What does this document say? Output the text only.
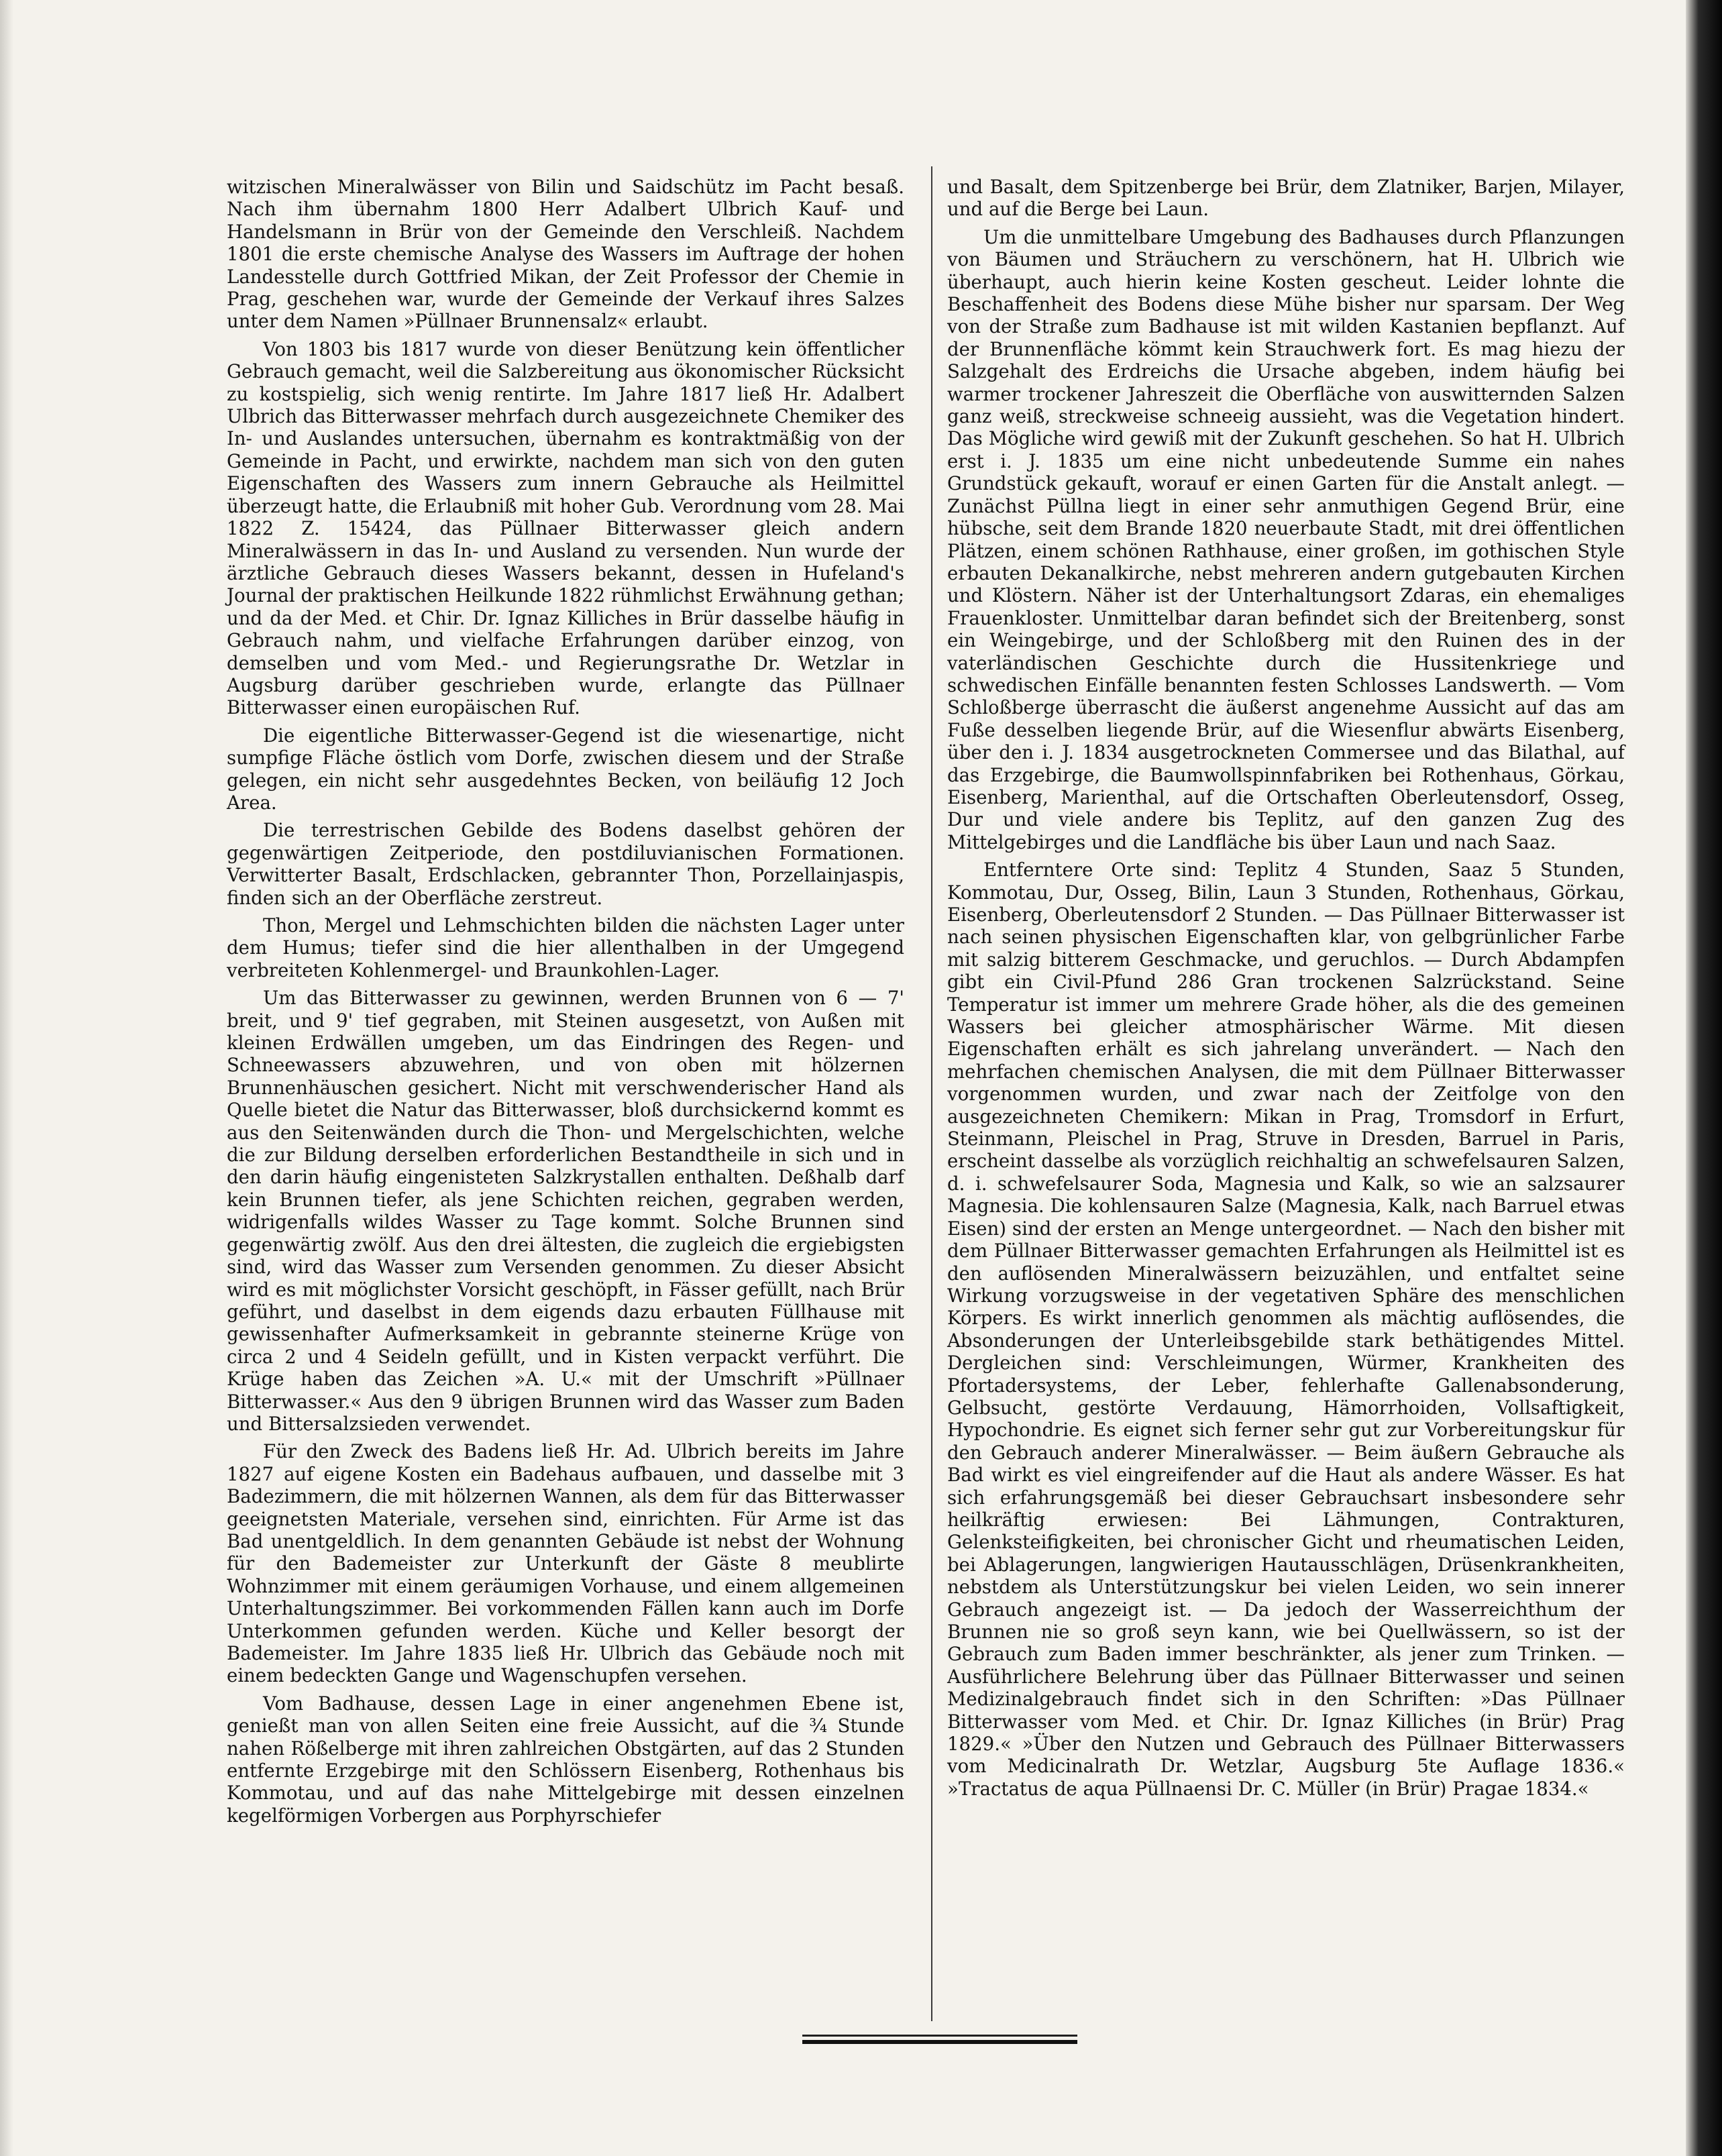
witzischen Mineralwässer von Bilin und Saidschütz im Pacht besaß. Nach ihm übernahm 1800 Herr Adalbert Ulbrich Kauf- und Handelsmann in Brür von der Gemeinde den Verschleiß. Nachdem 1801 die erste chemische Analyse des Wassers im Auftrage der hohen Landesstelle durch Gottfried Mikan, der Zeit Professor der Chemie in Prag, geschehen war, wurde der Gemeinde der Verkauf ihres Salzes unter dem Namen »Püllnaer Brunnensalz« erlaubt.

Von 1803 bis 1817 wurde von dieser Benützung kein öffentlicher Gebrauch gemacht, weil die Salzbereitung aus ökonomischer Rücksicht zu kostspielig, sich wenig rentirte. Im Jahre 1817 ließ Hr. Adalbert Ulbrich das Bitterwasser mehrfach durch ausgezeichnete Chemiker des In- und Auslandes untersuchen, übernahm es kontraktmäßig von der Gemeinde in Pacht, und erwirkte, nachdem man sich von den guten Eigenschaften des Wassers zum innern Gebrauche als Heilmittel überzeugt hatte, die Erlaubniß mit hoher Gub. Verordnung vom 28. Mai 1822 Z. 15424, das Püllnaer Bitterwasser gleich andern Mineralwässern in das In- und Ausland zu versenden. Nun wurde der ärztliche Gebrauch dieses Wassers bekannt, dessen in Hufeland's Journal der praktischen Heilkunde 1822 rühmlichst Erwähnung gethan; und da der Med. et Chir. Dr. Ignaz Killiches in Brür dasselbe häufig in Gebrauch nahm, und vielfache Erfahrungen darüber einzog, von demselben und vom Med.- und Regierungsrathe Dr. Wetzlar in Augsburg darüber geschrieben wurde, erlangte das Püllnaer Bitterwasser einen europäischen Ruf.

Die eigentliche Bitterwasser-Gegend ist die wiesenartige, nicht sumpfige Fläche östlich vom Dorfe, zwischen diesem und der Straße gelegen, ein nicht sehr ausgedehntes Becken, von beiläufig 12 Joch Area.

Die terrestrischen Gebilde des Bodens daselbst gehören der gegenwärtigen Zeitperiode, den postdiluvianischen Formationen. Verwitterter Basalt, Erdschlacken, gebrannter Thon, Porzellainjaspis, finden sich an der Oberfläche zerstreut.

Thon, Mergel und Lehmschichten bilden die nächsten Lager unter dem Humus; tiefer sind die hier allenthalben in der Umgegend verbreiteten Kohlenmergel- und Braunkohlen-Lager.

Um das Bitterwasser zu gewinnen, werden Brunnen von 6 — 7' breit, und 9' tief gegraben, mit Steinen ausgesetzt, von Außen mit kleinen Erdwällen umgeben, um das Eindringen des Regen- und Schneewassers abzuwehren, und von oben mit hölzernen Brunnenhäuschen gesichert. Nicht mit verschwenderischer Hand als Quelle bietet die Natur das Bitterwasser, bloß durchsickernd kommt es aus den Seitenwänden durch die Thon- und Mergelschichten, welche die zur Bildung derselben erforderlichen Bestandtheile in sich und in den darin häufig eingenisteten Salzkrystallen enthalten. Deßhalb darf kein Brunnen tiefer, als jene Schichten reichen, gegraben werden, widrigenfalls wildes Wasser zu Tage kommt. Solche Brunnen sind gegenwärtig zwölf. Aus den drei ältesten, die zugleich die ergiebigsten sind, wird das Wasser zum Versenden genommen. Zu dieser Absicht wird es mit möglichster Vorsicht geschöpft, in Fässer gefüllt, nach Brür geführt, und daselbst in dem eigends dazu erbauten Füllhause mit gewissenhafter Aufmerksamkeit in gebrannte steinerne Krüge von circa 2 und 4 Seideln gefüllt, und in Kisten verpackt verführt. Die Krüge haben das Zeichen »A. U.« mit der Umschrift »Püllnaer Bitterwasser.« Aus den 9 übrigen Brunnen wird das Wasser zum Baden und Bittersalzsieden verwendet.

Für den Zweck des Badens ließ Hr. Ad. Ulbrich bereits im Jahre 1827 auf eigene Kosten ein Badehaus aufbauen, und dasselbe mit 3 Badezimmern, die mit hölzernen Wannen, als dem für das Bitterwasser geeignetsten Materiale, versehen sind, einrichten. Für Arme ist das Bad unentgeldlich. In dem genannten Gebäude ist nebst der Wohnung für den Bademeister zur Unterkunft der Gäste 8 meublirte Wohnzimmer mit einem geräumigen Vorhause, und einem allgemeinen Unterhaltungszimmer. Bei vorkommenden Fällen kann auch im Dorfe Unterkommen gefunden werden. Küche und Keller besorgt der Bademeister. Im Jahre 1835 ließ Hr. Ulbrich das Gebäude noch mit einem bedeckten Gange und Wagenschupfen versehen.

Vom Badhause, dessen Lage in einer angenehmen Ebene ist, genießt man von allen Seiten eine freie Aussicht, auf die ¾ Stunde nahen Rößelberge mit ihren zahlreichen Obstgärten, auf das 2 Stunden entfernte Erzgebirge mit den Schlössern Eisenberg, Rothenhaus bis Kommotau, und auf das nahe Mittelgebirge mit dessen einzelnen kegelförmigen Vorbergen aus Porphyrschiefer

und Basalt, dem Spitzenberge bei Brür, dem Zlatniker, Barjen, Milayer, und auf die Berge bei Laun.

Um die unmittelbare Umgebung des Badhauses durch Pflanzungen von Bäumen und Sträuchern zu verschönern, hat H. Ulbrich wie überhaupt, auch hierin keine Kosten gescheut. Leider lohnte die Beschaffenheit des Bodens diese Mühe bisher nur sparsam. Der Weg von der Straße zum Badhause ist mit wilden Kastanien bepflanzt. Auf der Brunnenfläche kömmt kein Strauchwerk fort. Es mag hiezu der Salzgehalt des Erdreichs die Ursache abgeben, indem häufig bei warmer trockener Jahreszeit die Oberfläche von auswitternden Salzen ganz weiß, streckweise schneeig aussieht, was die Vegetation hindert. Das Mögliche wird gewiß mit der Zukunft geschehen. So hat H. Ulbrich erst i. J. 1835 um eine nicht unbedeutende Summe ein nahes Grundstück gekauft, worauf er einen Garten für die Anstalt anlegt. — Zunächst Püllna liegt in einer sehr anmuthigen Gegend Brür, eine hübsche, seit dem Brande 1820 neuerbaute Stadt, mit drei öffentlichen Plätzen, einem schönen Rathhause, einer großen, im gothischen Style erbauten Dekanalkirche, nebst mehreren andern gutgebauten Kirchen und Klöstern. Näher ist der Unterhaltungsort Zdaras, ein ehemaliges Frauenkloster. Unmittelbar daran befindet sich der Breitenberg, sonst ein Weingebirge, und der Schloßberg mit den Ruinen des in der vaterländischen Geschichte durch die Hussitenkriege und schwedischen Einfälle benannten festen Schlosses Landswerth. — Vom Schloßberge überrascht die äußerst angenehme Aussicht auf das am Fuße desselben liegende Brür, auf die Wiesenflur abwärts Eisenberg, über den i. J. 1834 ausgetrockneten Commersee und das Bilathal, auf das Erzgebirge, die Baumwollspinnfabriken bei Rothenhaus, Görkau, Eisenberg, Marienthal, auf die Ortschaften Oberleutensdorf, Osseg, Dur und viele andere bis Teplitz, auf den ganzen Zug des Mittelgebirges und die Landfläche bis über Laun und nach Saaz.

Entferntere Orte sind: Teplitz 4 Stunden, Saaz 5 Stunden, Kommotau, Dur, Osseg, Bilin, Laun 3 Stunden, Rothenhaus, Görkau, Eisenberg, Oberleutensdorf 2 Stunden. — Das Püllnaer Bitterwasser ist nach seinen physischen Eigenschaften klar, von gelbgrünlicher Farbe mit salzig bitterem Geschmacke, und geruchlos. — Durch Abdampfen gibt ein Civil-Pfund 286 Gran trockenen Salzrückstand. Seine Temperatur ist immer um mehrere Grade höher, als die des gemeinen Wassers bei gleicher atmosphärischer Wärme. Mit diesen Eigenschaften erhält es sich jahrelang unverändert. — Nach den mehrfachen chemischen Analysen, die mit dem Püllnaer Bitterwasser vorgenommen wurden, und zwar nach der Zeitfolge von den ausgezeichneten Chemikern: Mikan in Prag, Tromsdorf in Erfurt, Steinmann, Pleischel in Prag, Struve in Dresden, Barruel in Paris, erscheint dasselbe als vorzüglich reichhaltig an schwefelsauren Salzen, d. i. schwefelsaurer Soda, Magnesia und Kalk, so wie an salzsaurer Magnesia. Die kohlensauren Salze (Magnesia, Kalk, nach Barruel etwas Eisen) sind der ersten an Menge untergeordnet. — Nach den bisher mit dem Püllnaer Bitterwasser gemachten Erfahrungen als Heilmittel ist es den auflösenden Mineralwässern beizuzählen, und entfaltet seine Wirkung vorzugsweise in der vegetativen Sphäre des menschlichen Körpers. Es wirkt innerlich genommen als mächtig auflösendes, die Absonderungen der Unterleibsgebilde stark bethätigendes Mittel. Dergleichen sind: Verschleimungen, Würmer, Krankheiten des Pfortadersystems, der Leber, fehlerhafte Gallenabsonderung, Gelbsucht, gestörte Verdauung, Hämorrhoiden, Vollsaftigkeit, Hypochondrie. Es eignet sich ferner sehr gut zur Vorbereitungskur für den Gebrauch anderer Mineralwässer. — Beim äußern Gebrauche als Bad wirkt es viel eingreifender auf die Haut als andere Wässer. Es hat sich erfahrungsgemäß bei dieser Gebrauchsart insbesondere sehr heilkräftig erwiesen: Bei Lähmungen, Contrakturen, Gelenksteifigkeiten, bei chronischer Gicht und rheumatischen Leiden, bei Ablagerungen, langwierigen Hautausschlägen, Drüsenkrankheiten, nebstdem als Unterstützungskur bei vielen Leiden, wo sein innerer Gebrauch angezeigt ist. — Da jedoch der Wasserreichthum der Brunnen nie so groß seyn kann, wie bei Quellwässern, so ist der Gebrauch zum Baden immer beschränkter, als jener zum Trinken. — Ausführlichere Belehrung über das Püllnaer Bitterwasser und seinen Medizinalgebrauch findet sich in den Schriften: »Das Püllnaer Bitterwasser vom Med. et Chir. Dr. Ignaz Killiches (in Brür) Prag 1829.« »Über den Nutzen und Gebrauch des Püllnaer Bitterwassers vom Medicinalrath Dr. Wetzlar, Augsburg 5te Auflage 1836.« »Tractatus de aqua Püllnaensi Dr. C. Müller (in Brür) Pragae 1834.«
